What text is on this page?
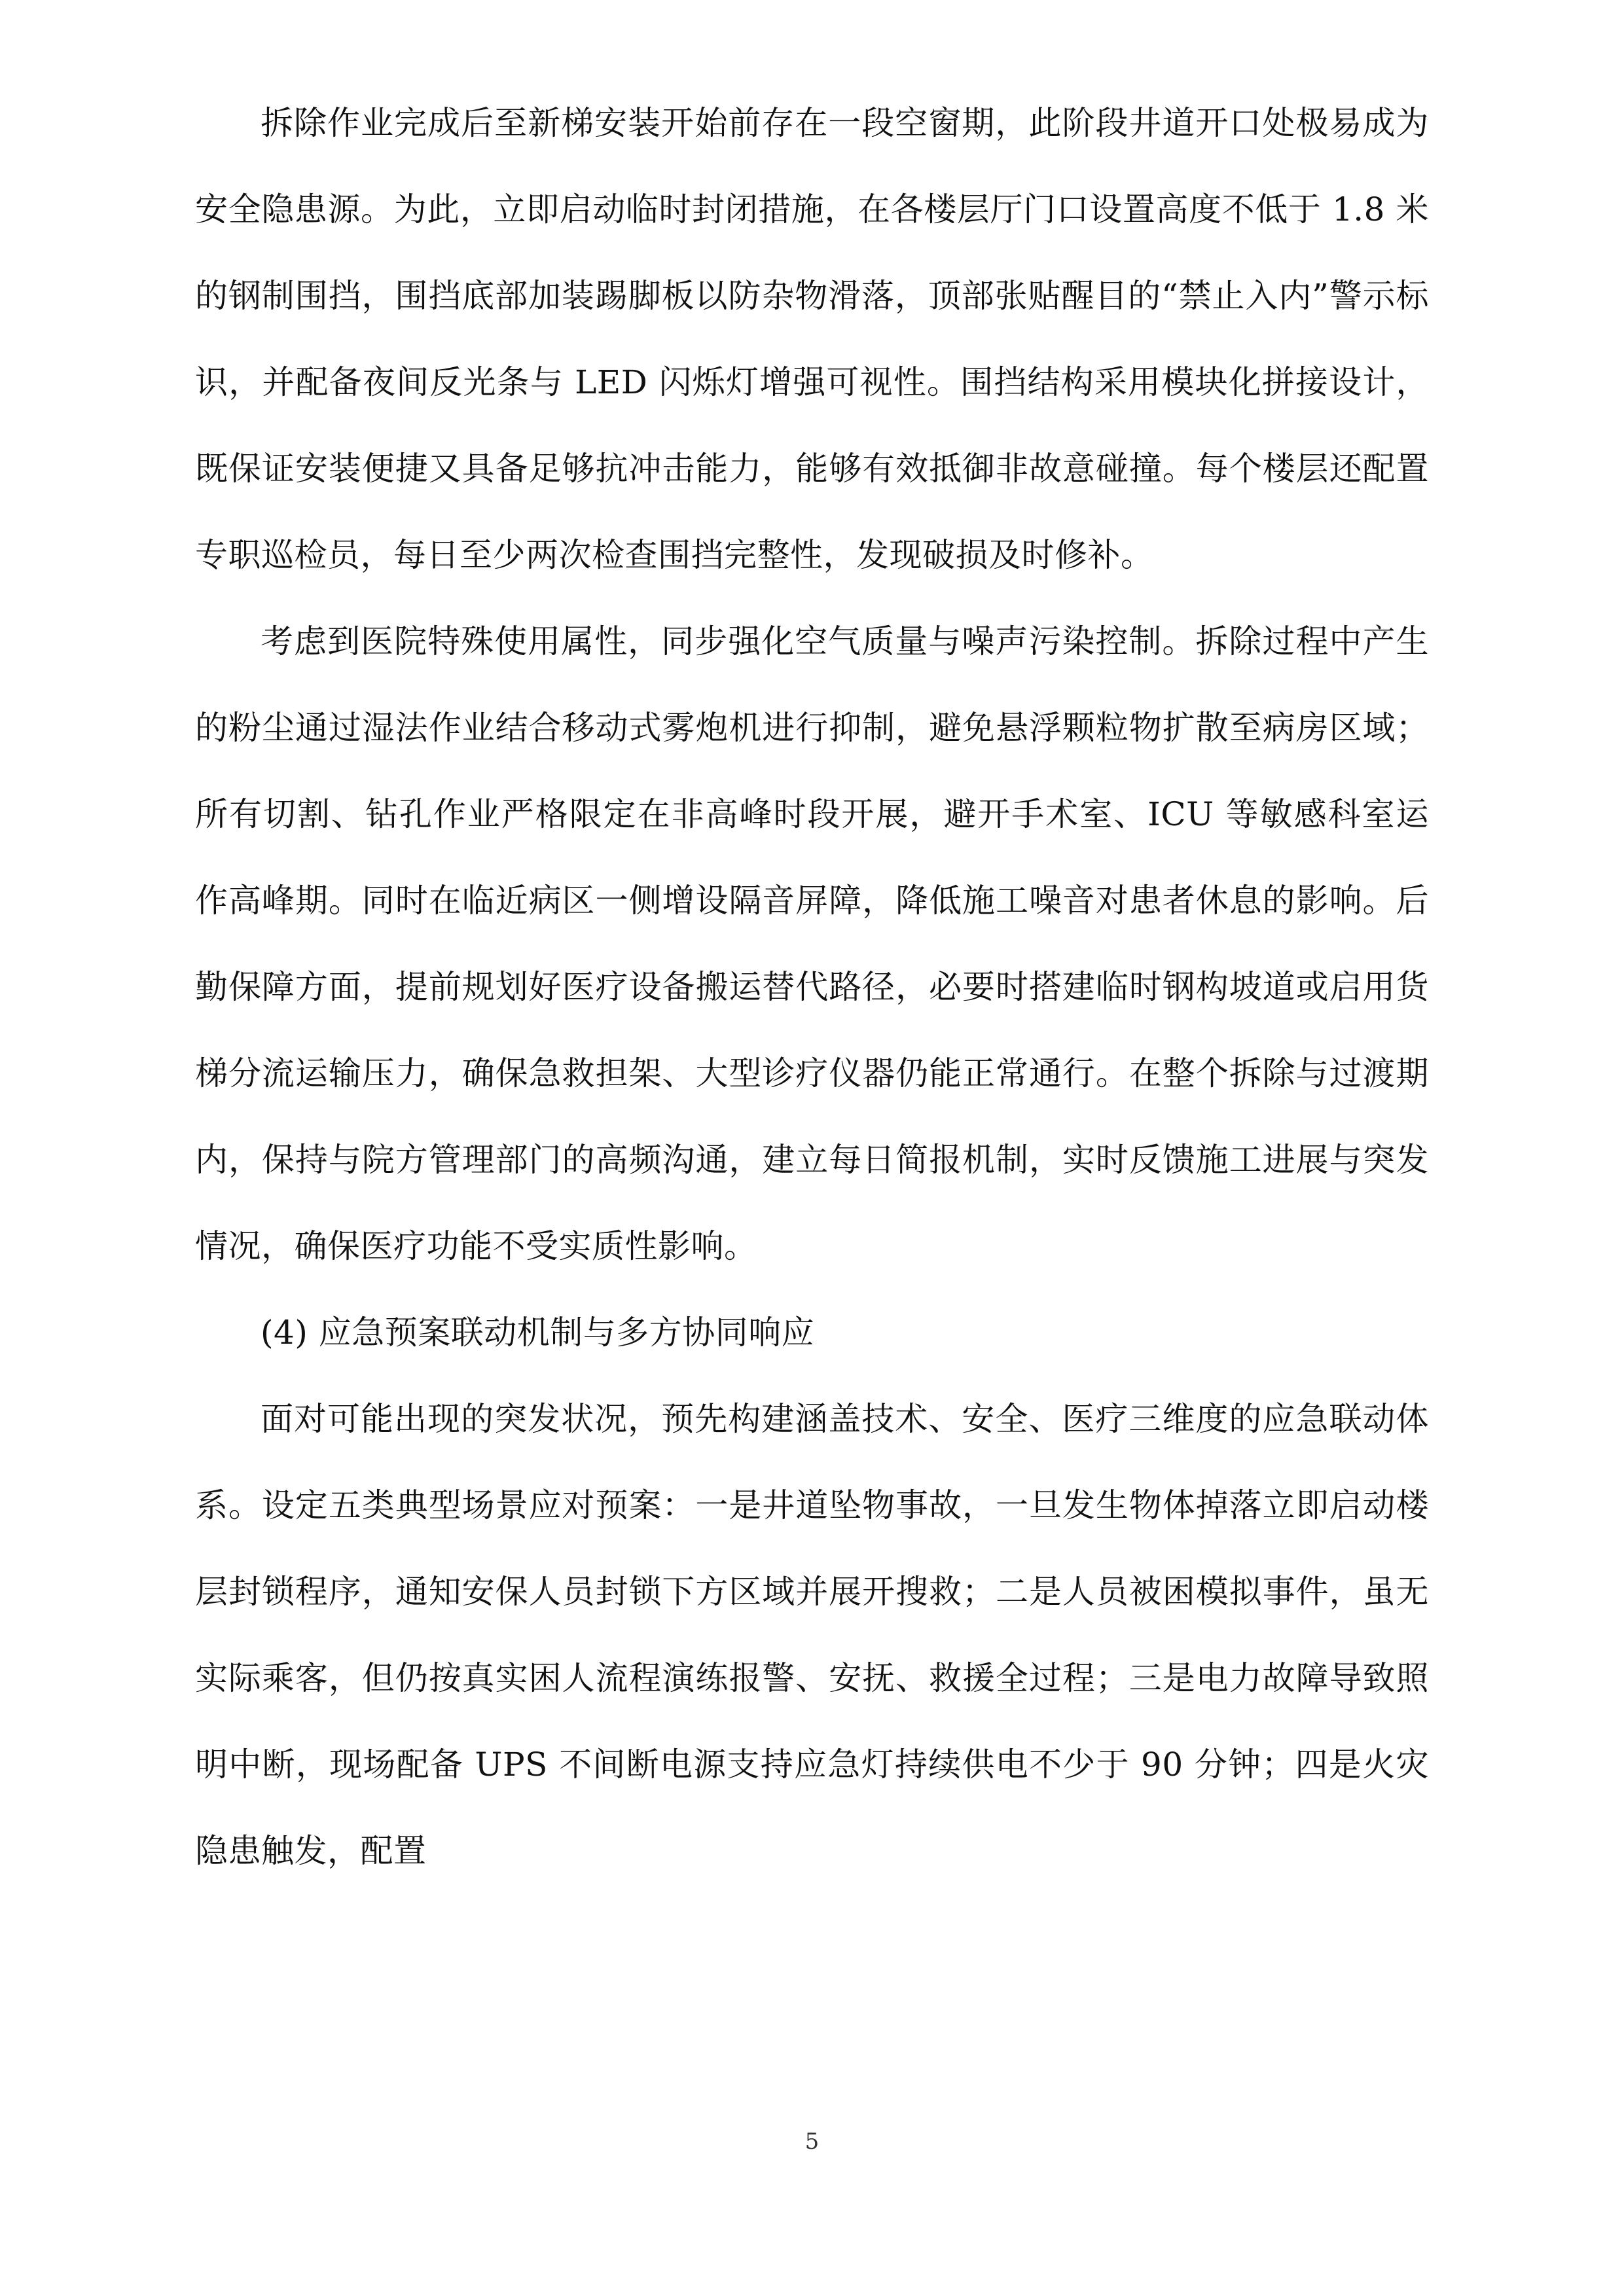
拆除作业完成后至新梯安装开始前存在一段空窗期，此阶段井道开口处极易成为安全隐患源。为此，立即启动临时封闭措施，在各楼层厅门口设置高度不低于 1.8 米的钢制围挡，围挡底部加装踢脚板以防杂物滑落，顶部张贴醒目的“禁止入内”警示标识，并配备夜间反光条与 LED 闪烁灯增强可视性。围挡结构采用模块化拼接设计，既保证安装便捷又具备足够抗冲击能力，能够有效抵御非故意碰撞。每个楼层还配置专职巡检员，每日至少两次检查围挡完整性，发现破损及时修补。

考虑到医院特殊使用属性，同步强化空气质量与噪声污染控制。拆除过程中产生的粉尘通过湿法作业结合移动式雾炮机进行抑制，避免悬浮颗粒物扩散至病房区域；所有切割、钻孔作业严格限定在非高峰时段开展，避开手术室、ICU 等敏感科室运作高峰期。同时在临近病区一侧增设隔音屏障，降低施工噪音对患者休息的影响。后勤保障方面，提前规划好医疗设备搬运替代路径，必要时搭建临时钢构坡道或启用货梯分流运输压力，确保急救担架、大型诊疗仪器仍能正常通行。在整个拆除与过渡期内，保持与院方管理部门的高频沟通，建立每日简报机制，实时反馈施工进展与突发情况，确保医疗功能不受实质性影响。

(4) 应急预案联动机制与多方协同响应

面对可能出现的突发状况，预先构建涵盖技术、安全、医疗三维度的应急联动体系。设定五类典型场景应对预案：一是井道坠物事故，一旦发生物体掉落立即启动楼层封锁程序，通知安保人员封锁下方区域并展开搜救；二是人员被困模拟事件，虽无实际乘客，但仍按真实困人流程演练报警、安抚、救援全过程；三是电力故障导致照明中断，现场配备 UPS 不间断电源支持应急灯持续供电不少于 90 分钟；四是火灾隐患触发，配置

5
